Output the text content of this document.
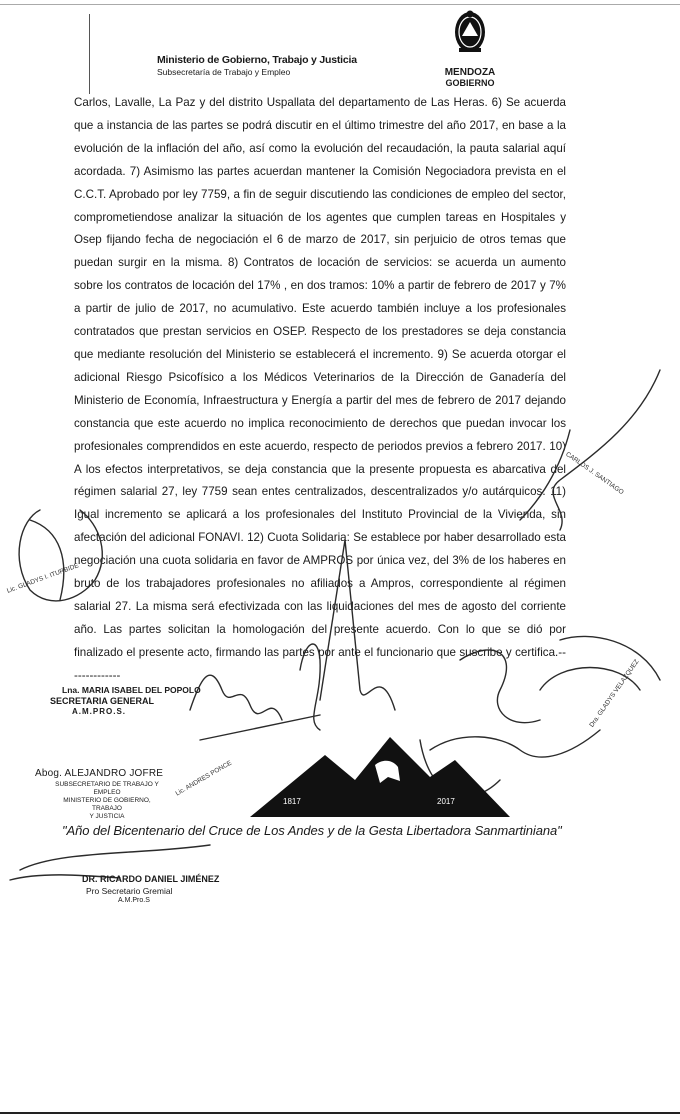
Ministerio de Gobierno, Trabajo y Justicia
Subsecretaría de Trabajo y Empleo	MENDOZA
GOBIERNO

Carlos, Lavalle, La Paz y del distrito Uspallata del departamento de Las Heras. 6) Se acuerda que a instancia de las partes se podrá discutir en el último trimestre del año 2017, en base a la evolución de la inflación del año, así como la evolución del recaudación, la pauta salarial aquí acordada. 7) Asimismo las partes acuerdan mantener la Comisión Negociadora prevista en el C.C.T. Aprobado por ley 7759, a fin de seguir discutiendo las condiciones de empleo del sector, comprometiendose analizar la situación de los agentes que cumplen tareas en Hospitales y Osep fijando fecha de negociación el 6 de marzo de 2017, sin perjuicio de otros temas que puedan surgir en la misma. 8) Contratos de locación de servicios: se acuerda un aumento sobre los contratos de locación del 17% , en dos tramos: 10% a partir de febrero de 2017 y 7% a partir de julio de 2017, no acumulativo. Este acuerdo también incluye a los profesionales contratados que prestan servicios en OSEP. Respecto de los prestadores se deja constancia que mediante resolución del Ministerio se establecerá el incremento. 9) Se acuerda otorgar el adicional Riesgo Psicofísico a los Médicos Veterinarios de la Dirección de Ganadería del Ministerio de Economía, Infraestructura y Energía a partir del mes de febrero de 2017 dejando constancia que este acuerdo no implica reconocimiento de derechos que puedan invocar los profesionales comprendidos en este acuerdo, respecto de periodos previos a febrero 2017. 10) A los efectos interpretativos, se deja constancia que la presente propuesta es abarcativa del régimen salarial 27, ley 7759 sean entes centralizados, descentralizados y/o autárquicos. 11) Igual incremento se aplicará a los profesionales del Instituto Provincial de la Vivienda, sin afectación del adicional FONAVI. 12) Cuota Solidaria: Se establece por haber desarrollado esta negociación una cuota solidaria en favor de AMPROS por única vez, del 3% de los haberes en bruto de los trabajadores profesionales no afiliados a Ampros, correspondiente al régimen salarial 27. La misma será efectivizada con las liquidaciones del mes de agosto del corriente año. Las partes solicitan la homologación del presente acuerdo. Con lo que se dió por finalizado el presente acto, firmando las partes por ante el funcionario que suscribe y certifica.--------------

CARLOS J. SANTIAGO
Dra. GLADYS VELAZQUEZ
Lic. GLADYS I. ITURBIDE
Lic. ANDRES PONCE
Lna. MARIA ISABEL DEL POPOLO
SECRETARIA GENERAL
A.M.PRO.S.
Abog. ALEJANDRO JOFRE
SUBSECRETARIO DE TRABAJO Y EMPLEO
MINISTERIO DE GOBIERNO, TRABAJO
Y JUSTICIA
1817	2017
"Año del Bicentenario del Cruce de Los Andes y de la Gesta Libertadora Sanmartiniana"
DR. RICARDO DANIEL JIMÉNEZ
Pro Secretario Gremial
A.M.Pro.S
